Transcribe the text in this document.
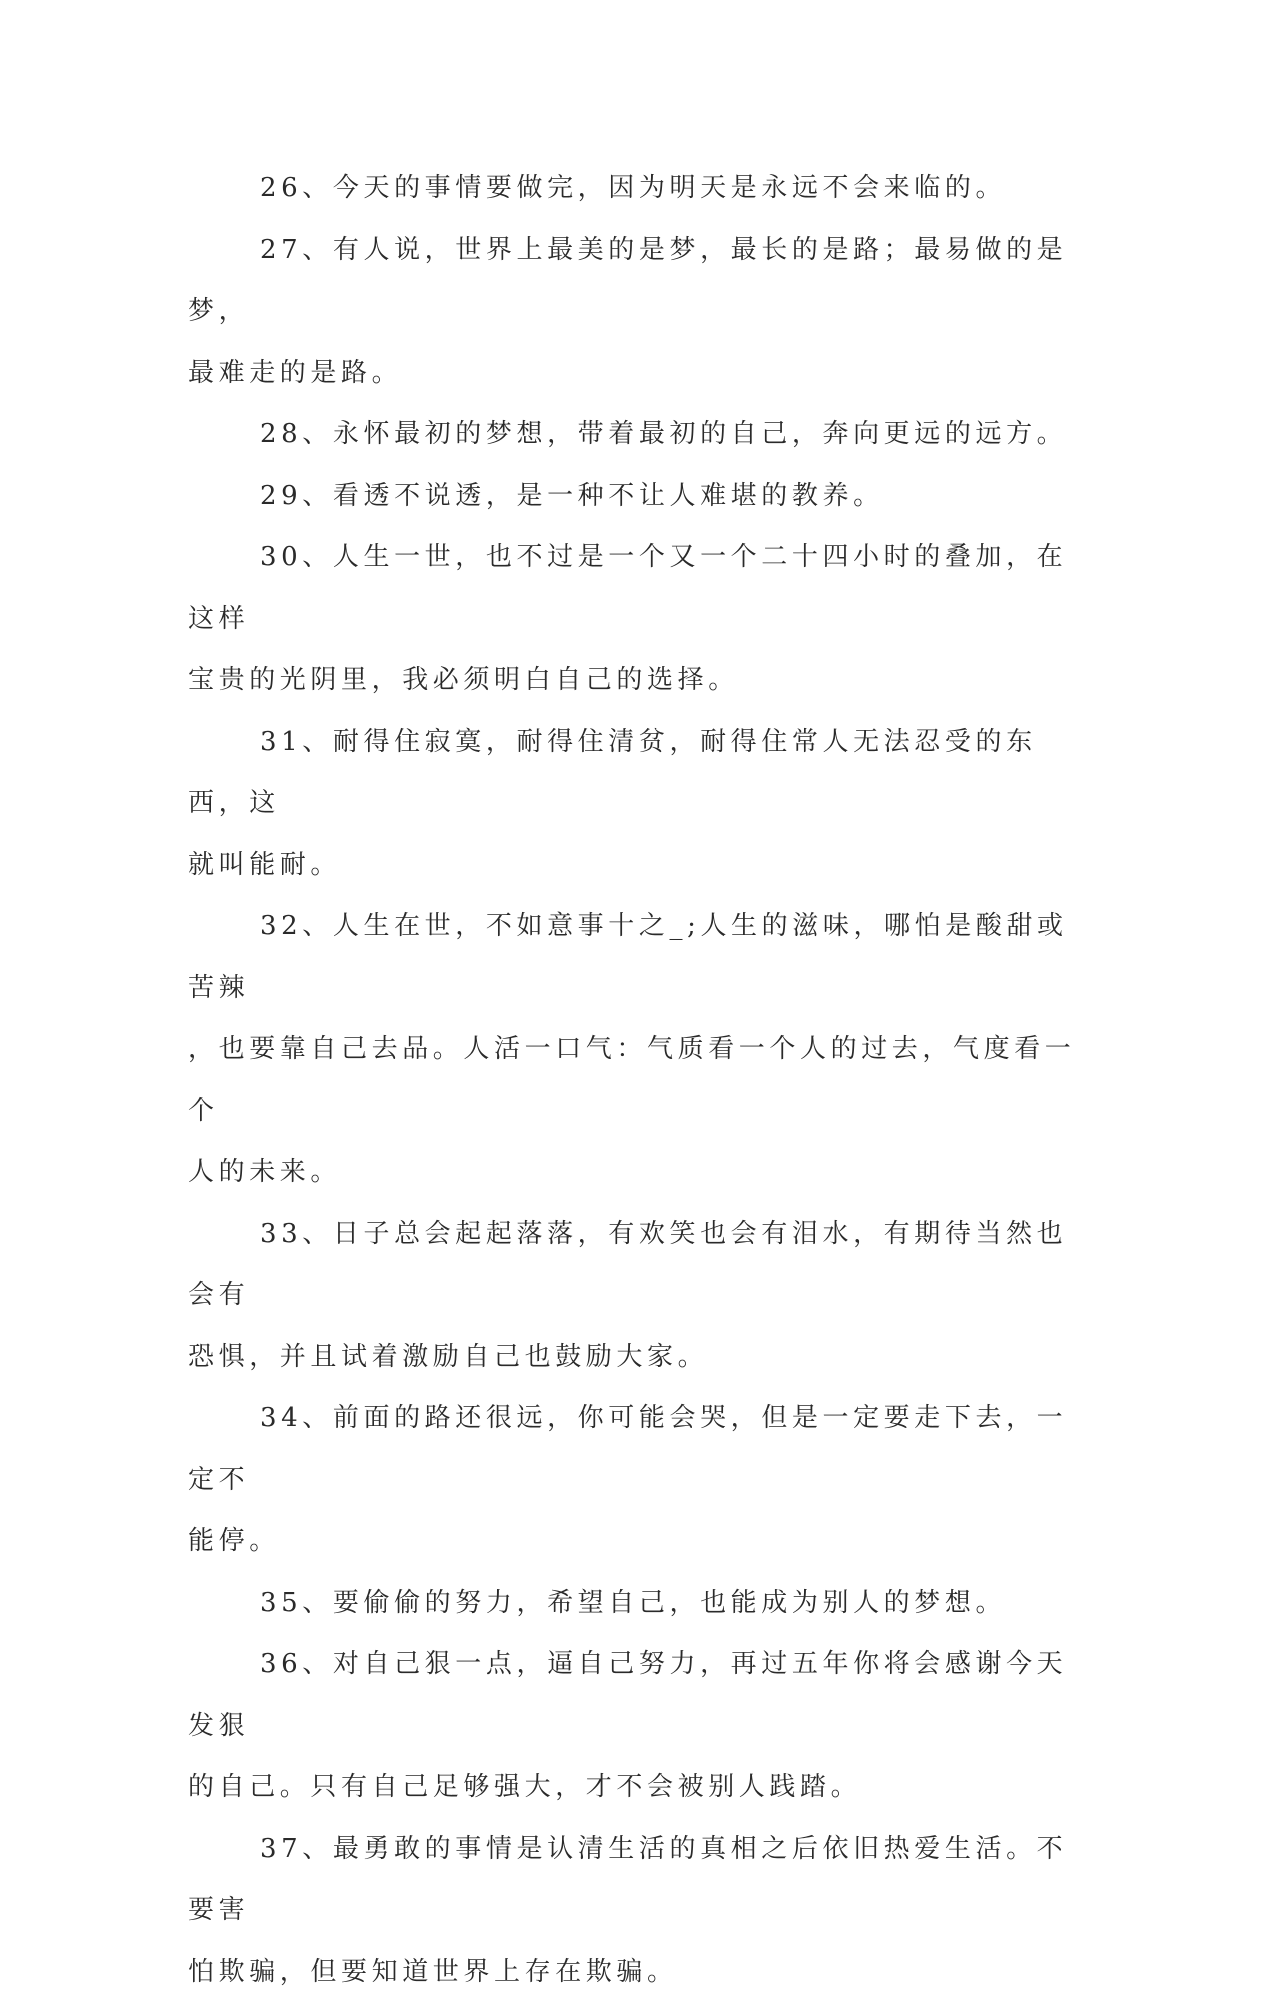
26、今天的事情要做完，因为明天是永远不会来临的。

27、有人说，世界上最美的是梦，最长的是路；最易做的是梦，
最难走的是路。

28、永怀最初的梦想，带着最初的自己，奔向更远的远方。

29、看透不说透，是一种不让人难堪的教养。

30、人生一世，也不过是一个又一个二十四小时的叠加，在这样
宝贵的光阴里，我必须明白自己的选择。

31、耐得住寂寞，耐得住清贫，耐得住常人无法忍受的东西，这
就叫能耐。

32、人生在世，不如意事十之_;人生的滋味，哪怕是酸甜或苦辣
，也要靠自己去品。人活一口气：气质看一个人的过去，气度看一个
人的未来。

33、日子总会起起落落，有欢笑也会有泪水，有期待当然也会有
恐惧，并且试着激励自己也鼓励大家。

34、前面的路还很远，你可能会哭，但是一定要走下去，一定不
能停。

35、要偷偷的努力，希望自己，也能成为别人的梦想。

36、对自己狠一点，逼自己努力，再过五年你将会感谢今天发狠
的自己。只有自己足够强大，才不会被别人践踏。

37、最勇敢的事情是认清生活的真相之后依旧热爱生活。不要害
怕欺骗，但要知道世界上存在欺骗。
